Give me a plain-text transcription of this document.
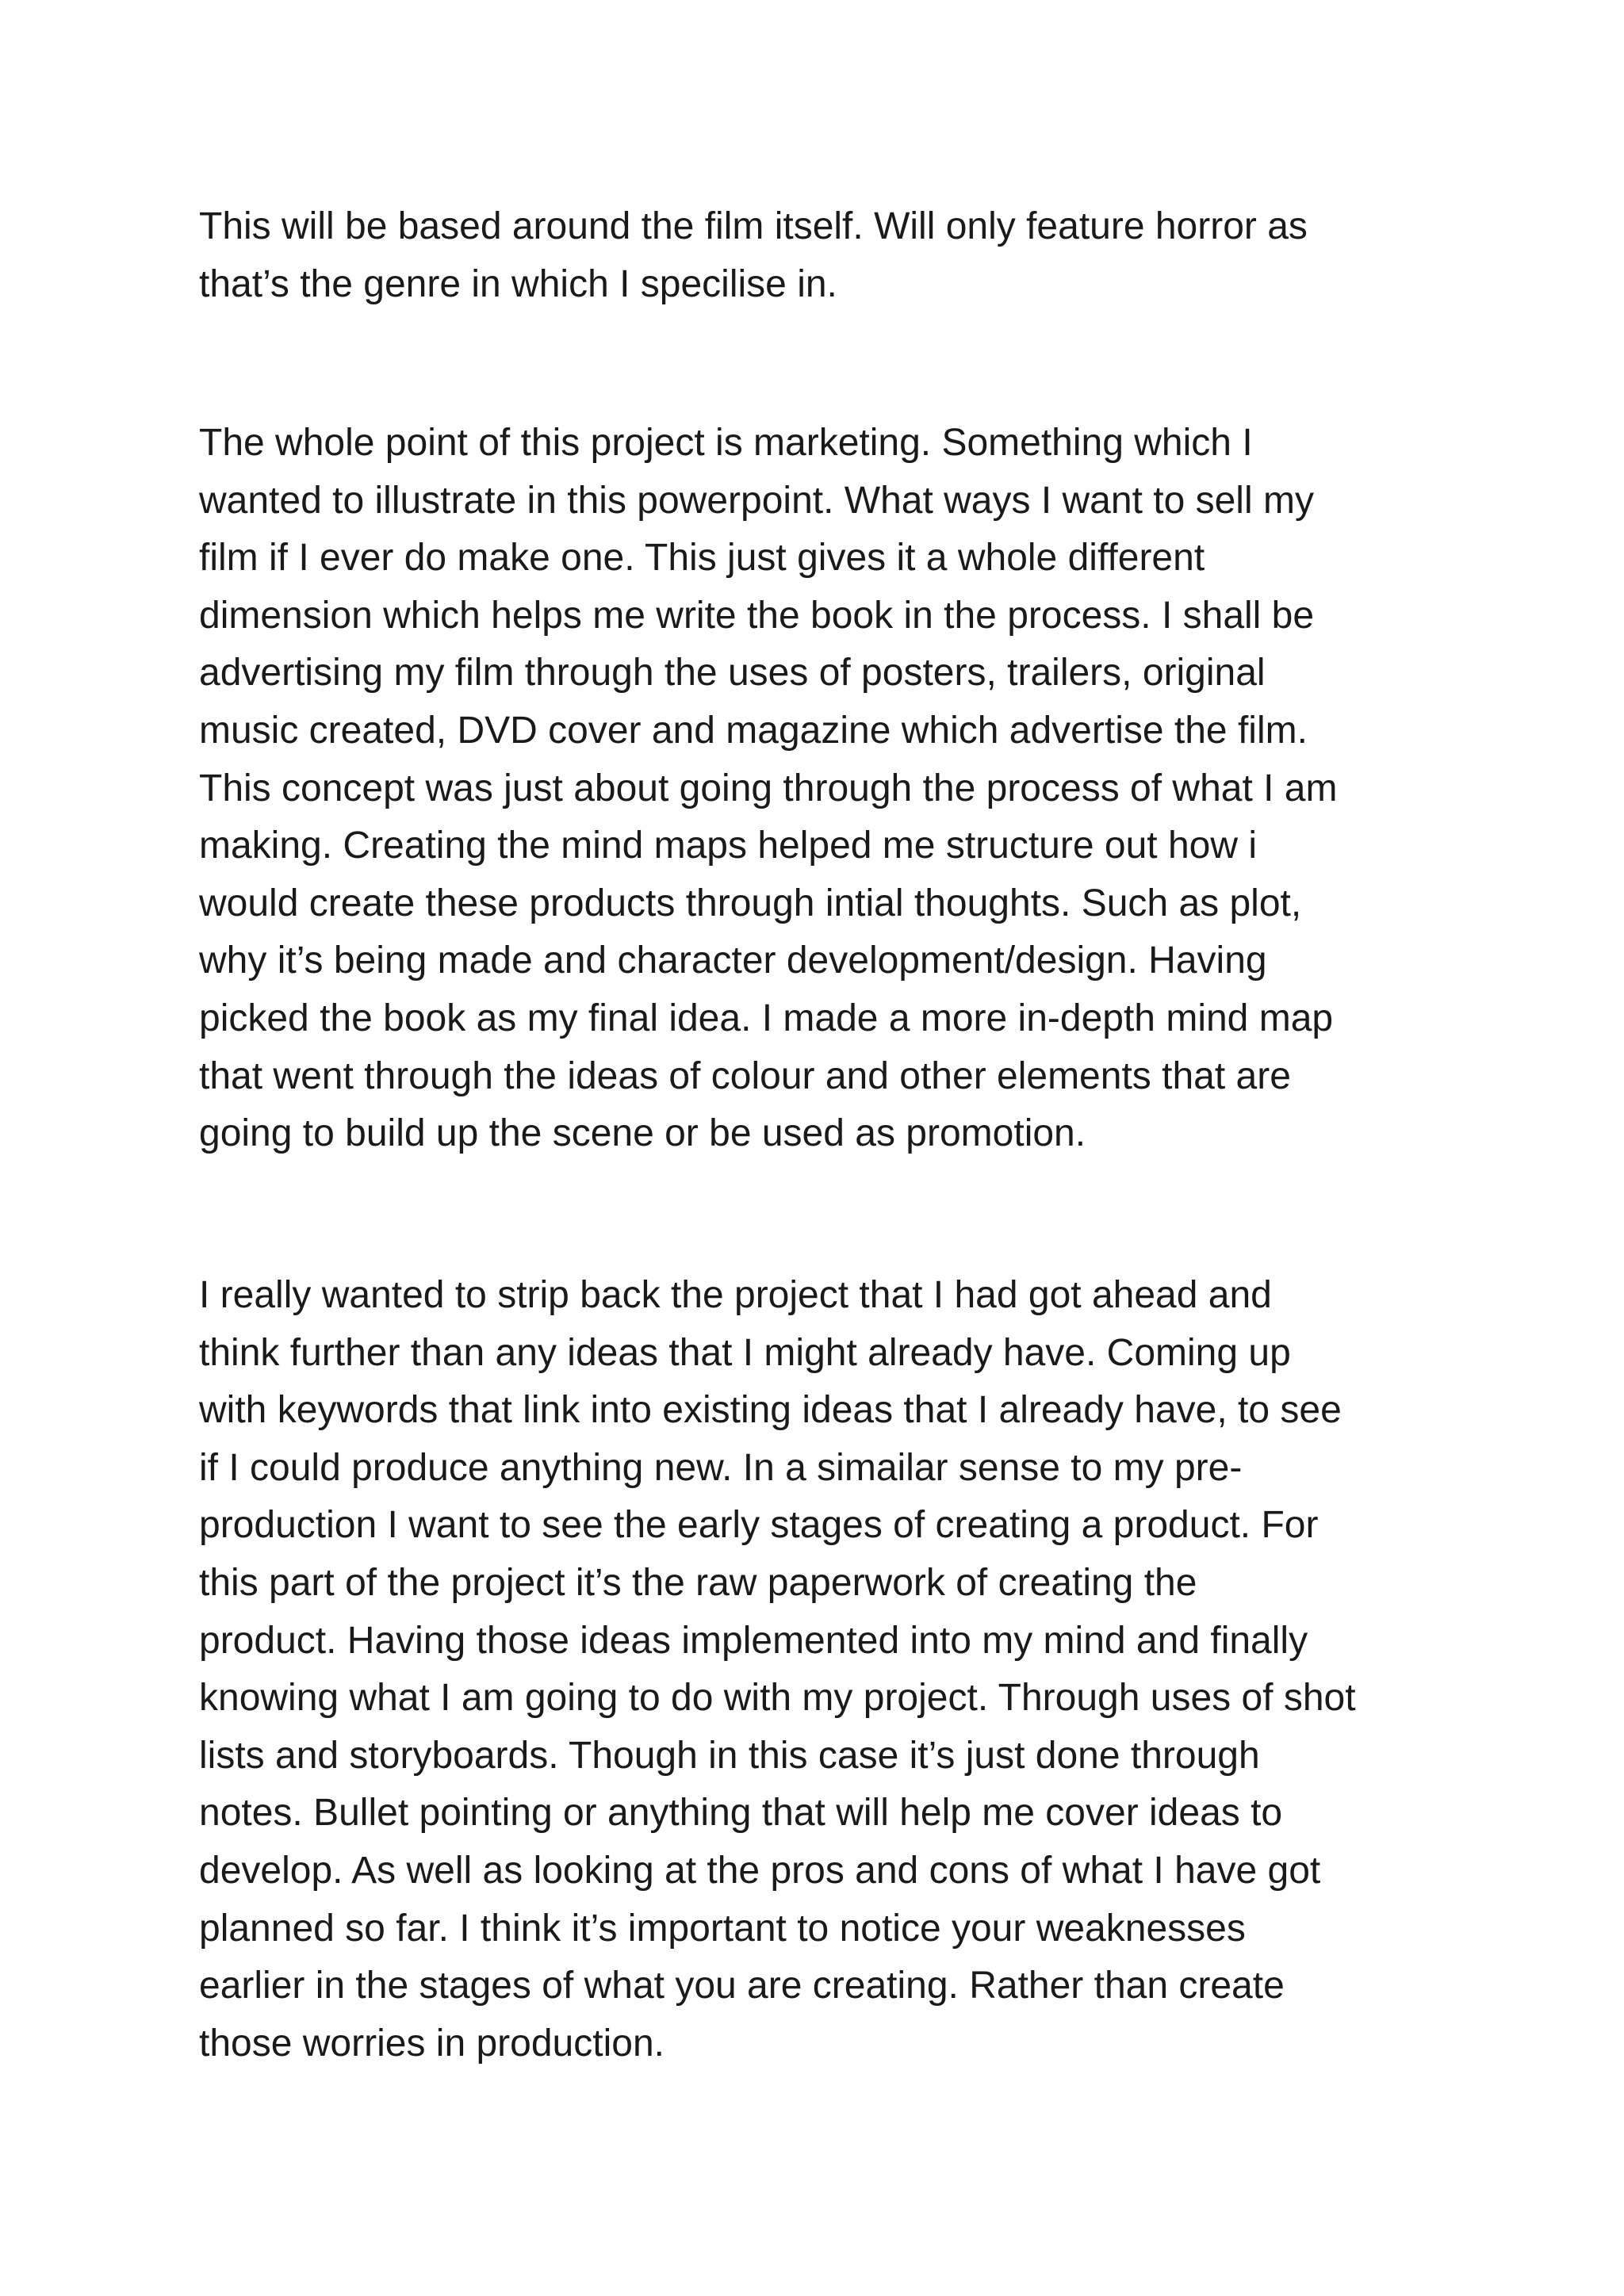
This will be based around the film itself. Will only feature horror as
that’s the genre in which I specilise in.

The whole point of this project is marketing. Something which I
wanted to illustrate in this powerpoint. What ways I want to sell my
film if I ever do make one. This just gives it a whole different
dimension which helps me write the book in the process. I shall be
advertising my film through the uses of posters, trailers, original
music created, DVD cover and magazine which advertise the film.
This concept was just about going through the process of what I am
making. Creating the mind maps helped me structure out how i
would create these products through intial thoughts. Such as plot,
why it’s being made and character development/design. Having
picked the book as my final idea. I made a more in-depth mind map
that went through the ideas of colour and other elements that are
going to build up the scene or be used as promotion.

I really wanted to strip back the project that I had got ahead and
think further than any ideas that I might already have. Coming up
with keywords that link into existing ideas that I already have, to see
if I could produce anything new. In a simailar sense to my pre-
production I want to see the early stages of creating a product. For
this part of the project it’s the raw paperwork of creating the
product. Having those ideas implemented into my mind and finally
knowing what I am going to do with my project. Through uses of shot
lists and storyboards. Though in this case it’s just done through
notes. Bullet pointing or anything that will help me cover ideas to
develop. As well as looking at the pros and cons of what I have got
planned so far. I think it’s important to notice your weaknesses
earlier in the stages of what you are creating. Rather than create
those worries in production.
